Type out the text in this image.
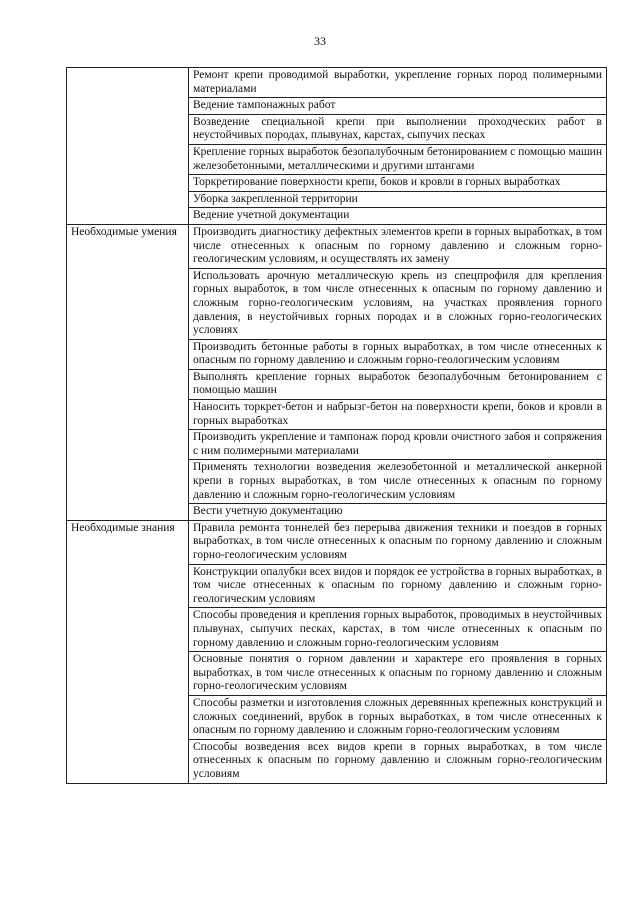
33
	Ремонт крепи проводимой выработки, укрепление горных пород полимерными материалами
	Ведение тампонажных работ
	Возведение специальной крепи при выполнении проходческих работ в неустойчивых породах, плывунах, карстах, сыпучих песках
	Крепление горных выработок безопалубочным бетонированием с помощью машин железобетонными, металлическими и другими штангами
	Торкретирование поверхности крепи, боков и кровли в горных выработках
	Уборка закрепленной территории
	Ведение учетной документации
Необходимые умения	Производить диагностику дефектных элементов крепи в горных выработках, в том числе отнесенных к опасным по горному давлению и сложным горно-геологическим условиям, и осуществлять их замену
	Использовать арочную металлическую крепь из спецпрофиля для крепления горных выработок, в том числе отнесенных к опасным по горному давлению и сложным горно-геологическим условиям, на участках проявления горного давления, в неустойчивых горных породах и в сложных горно-геологических условиях
	Производить бетонные работы в горных выработках, в том числе отнесенных к опасным по горному давлению и сложным горно-геологическим условиям
	Выполнять крепление горных выработок безопалубочным бетонированием с помощью машин
	Наносить торкрет-бетон и набрызг-бетон на поверхности крепи, боков и кровли в горных выработках
	Производить укрепление и тампонаж пород кровли очистного забоя и сопряжения с ним полимерными материалами
	Применять технологии возведения железобетонной и металлической анкерной крепи в горных выработках, в том числе отнесенных к опасным по горному давлению и сложным горно-геологическим условиям
	Вести учетную документацию
Необходимые знания	Правила ремонта тоннелей без перерыва движения техники и поездов в горных выработках, в том числе отнесенных к опасным по горному давлению и сложным горно-геологическим условиям
	Конструкции опалубки всех видов и порядок ее устройства в горных выработках, в том числе отнесенных к опасным по горному давлению и сложным горно-геологическим условиям
	Способы проведения и крепления горных выработок, проводимых в неустойчивых плывунах, сыпучих песках, карстах, в том числе отнесенных к опасным по горному давлению и сложным горно-геологическим условиям
	Основные понятия о горном давлении и характере его проявления в горных выработках, в том числе отнесенных к опасным по горному давлению и сложным горно-геологическим условиям
	Способы разметки и изготовления сложных деревянных крепежных конструкций и сложных соединений, врубок в горных выработках, в том числе отнесенных к опасным по горному давлению и сложным горно-геологическим условиям
	Способы возведения всех видов крепи в горных выработках, в том числе отнесенных к опасным по горному давлению и сложным горно-геологическим условиям
